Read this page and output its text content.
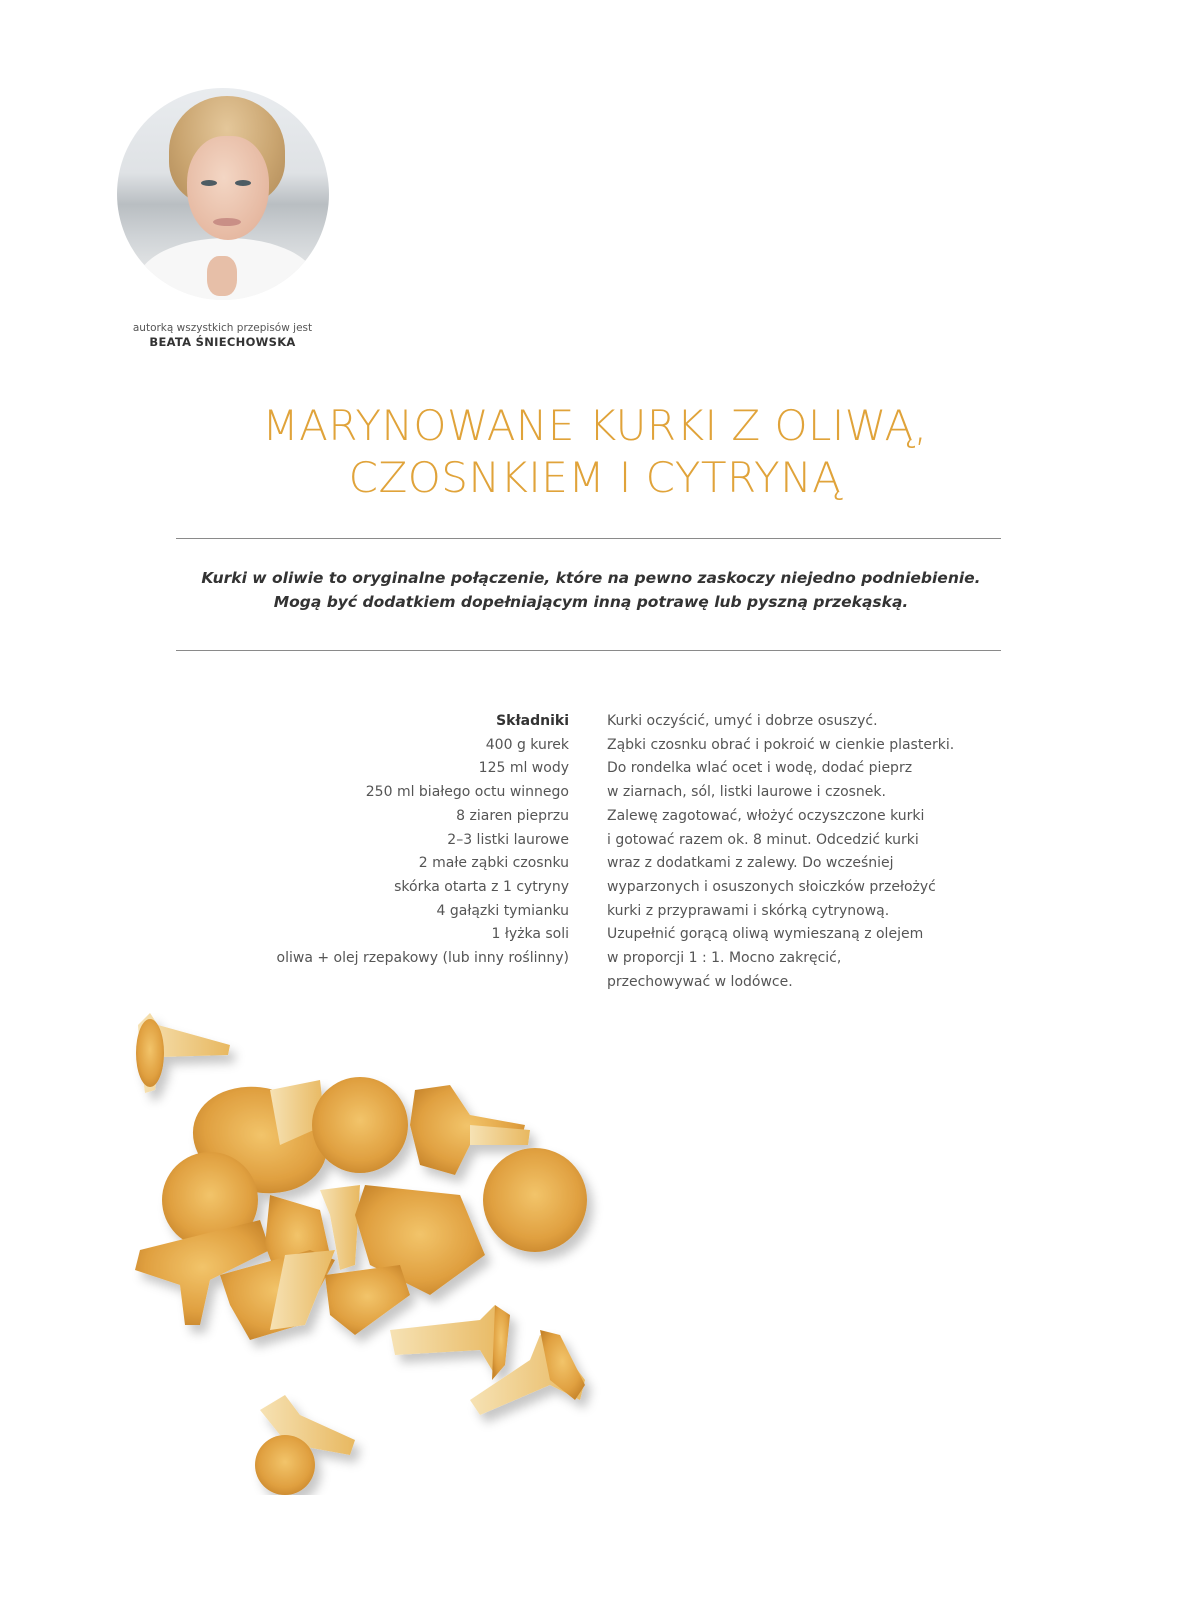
autorką wszystkich przepisów jest
BEATA ŚNIECHOWSKA
MARYNOWANE KURKI Z OLIWĄ,
CZOSNKIEM I CYTRYNĄ
Kurki w oliwie to oryginalne połączenie, które na pewno zaskoczy niejedno podniebienie.
Mogą być dodatkiem dopełniającym inną potrawę lub pyszną przekąską.
Składniki
400 g kurek
125 ml wody
250 ml białego octu winnego
8 ziaren pieprzu
2–3 listki laurowe
2 małe ząbki czosnku
skórka otarta z 1 cytryny
4 gałązki tymianku
1 łyżka soli
oliwa + olej rzepakowy (lub inny roślinny)
Kurki oczyścić, umyć i dobrze osuszyć.
Ząbki czosnku obrać i pokroić w cienkie plasterki.
Do rondelka wlać ocet i wodę, dodać pieprz
w ziarnach, sól, listki laurowe i czosnek.
Zalewę zagotować, włożyć oczyszczone kurki
i gotować razem ok. 8 minut. Odcedzić kurki
wraz z dodatkami z zalewy. Do wcześniej
wyparzonych i osuszonych słoiczków przełożyć
kurki z przyprawami i skórką cytrynową.
Uzupełnić gorącą oliwą wymieszaną z olejem
w proporcji 1 : 1. Mocno zakręcić,
przechowywać w lodówce.
